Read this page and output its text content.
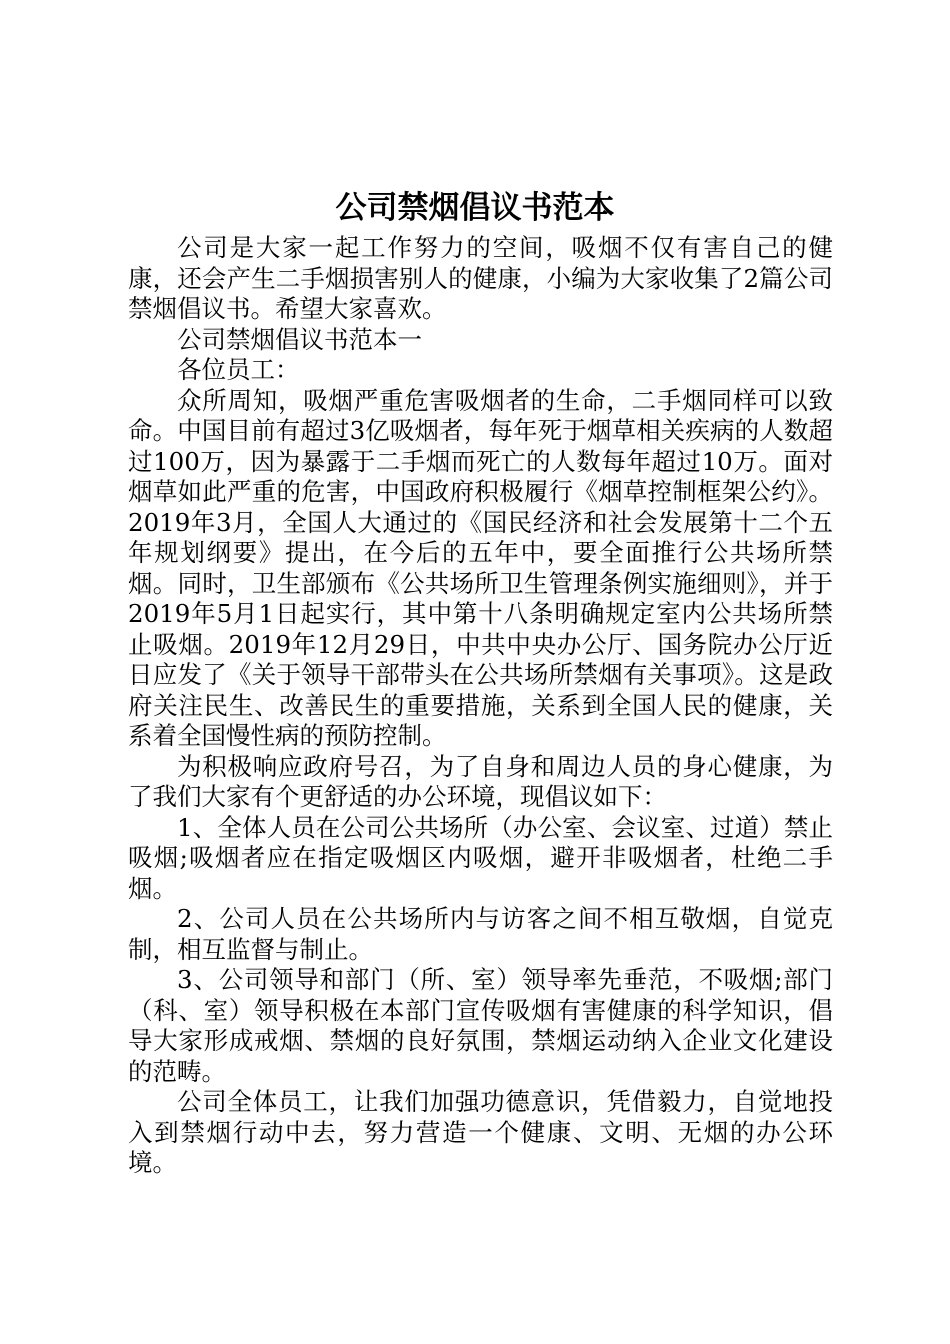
公司禁烟倡议书范本

公司是大家一起工作努力的空间，吸烟不仅有害自己的健康，还会产生二手烟损害别人的健康，小编为大家收集了2篇公司禁烟倡议书。希望大家喜欢。

公司禁烟倡议书范本一

各位员工：

众所周知，吸烟严重危害吸烟者的生命，二手烟同样可以致命。中国目前有超过3亿吸烟者，每年死于烟草相关疾病的人数超过100万，因为暴露于二手烟而死亡的人数每年超过10万。面对烟草如此严重的危害，中国政府积极履行《烟草控制框架公约》。2019年3月，全国人大通过的《国民经济和社会发展第十二个五年规划纲要》提出，在今后的五年中，要全面推行公共场所禁烟。同时，卫生部颁布《公共场所卫生管理条例实施细则》，并于2019年5月1日起实行，其中第十八条明确规定室内公共场所禁止吸烟。2019年12月29日，中共中央办公厅、国务院办公厅近日应发了《关于领导干部带头在公共场所禁烟有关事项》。这是政府关注民生、改善民生的重要措施，关系到全国人民的健康，关系着全国慢性病的预防控制。

为积极响应政府号召，为了自身和周边人员的身心健康，为了我们大家有个更舒适的办公环境，现倡议如下：

1、全体人员在公司公共场所（办公室、会议室、过道）禁止吸烟;吸烟者应在指定吸烟区内吸烟，避开非吸烟者，杜绝二手烟。

2、公司人员在公共场所内与访客之间不相互敬烟，自觉克制，相互监督与制止。

3、公司领导和部门（所、室）领导率先垂范，不吸烟;部门（科、室）领导积极在本部门宣传吸烟有害健康的科学知识，倡导大家形成戒烟、禁烟的良好氛围，禁烟运动纳入企业文化建设的范畴。

公司全体员工，让我们加强功德意识，凭借毅力，自觉地投入到禁烟行动中去，努力营造一个健康、文明、无烟的办公环境。
